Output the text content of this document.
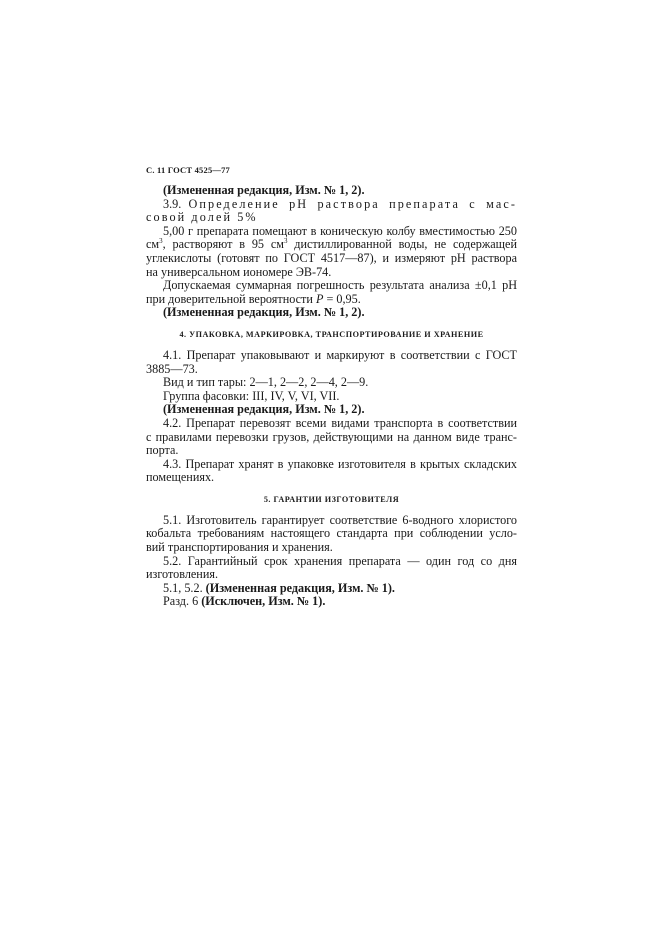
С. 11 ГОСТ 4525—77
(Измененная редакция, Изм. № 1, 2).
3.9. Определение рН раствора препарата с мас-
совой долей 5%
5,00 г препарата помещают в коническую колбу вместимостью 250
$см^3$, растворяют в 95 $см^3$ дистиллированной воды, не содержащей
углекислоты (готовят по ГОСТ 4517—87), и измеряют рН раствора
на универсальном иономере ЭВ-74.
Допускаемая суммарная погрешность результата анализа ±0,1 рН
при доверительной вероятности Р = 0,95.
(Измененная редакция, Изм. № 1, 2).
4. УПАКОВКА, МАРКИРОВКА, ТРАНСПОРТИРОВАНИЕ И ХРАНЕНИЕ
4.1. Препарат упаковывают и маркируют в соответствии с ГОСТ
3885—73.
Вид и тип тары: 2—1, 2—2, 2—4, 2—9.
Группа фасовки: III, IV, V, VI, VII.
(Измененная редакция, Изм. № 1, 2).
4.2. Препарат перевозят всеми видами транспорта в соответствии
с правилами перевозки грузов, действующими на данном виде транс-
порта.
4.3. Препарат хранят в упаковке изготовителя в крытых складских
помещениях.
5. ГАРАНТИИ ИЗГОТОВИТЕЛЯ
5.1. Изготовитель гарантирует соответствие 6-водного хлористого
кобальта требованиям настоящего стандарта при соблюдении усло-
вий транспортирования и хранения.
5.2. Гарантийный срок хранения препарата — один год со дня
изготовления.
5.1, 5.2. (Измененная редакция, Изм. № 1).
Разд. 6 (Исключен, Изм. № 1).
